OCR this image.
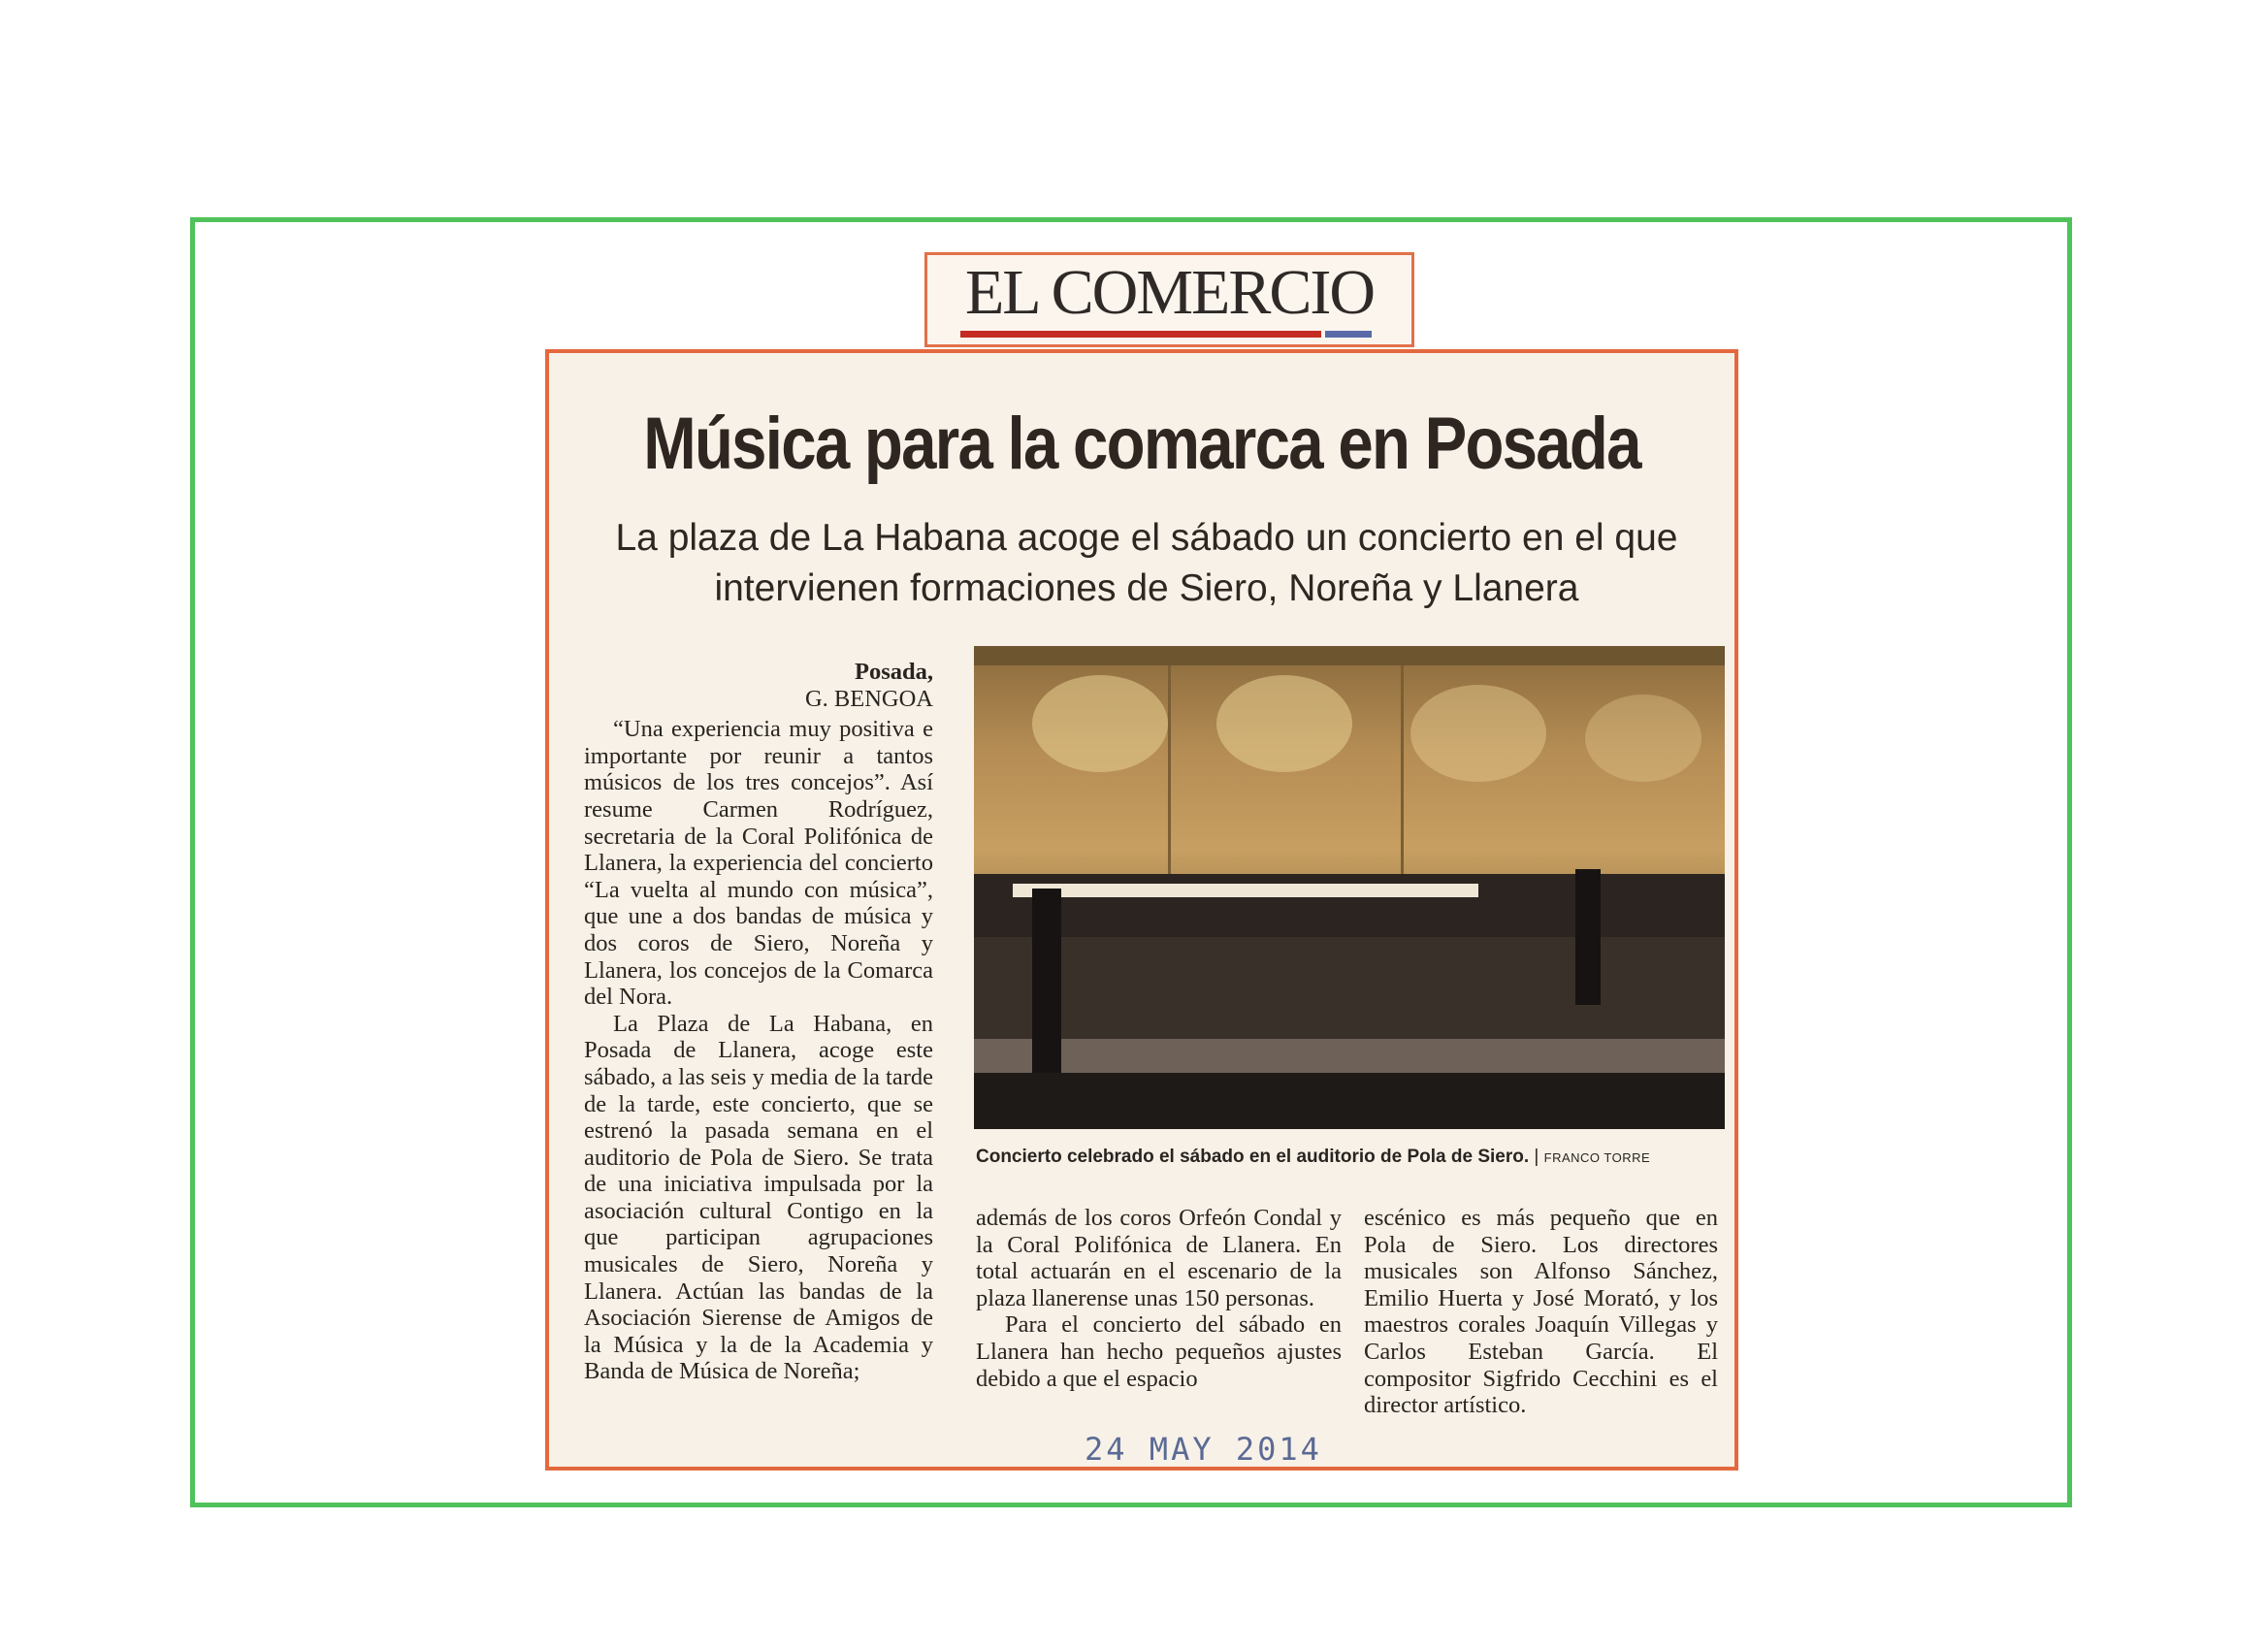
EL COMERCIO
Música para la comarca en Posada
La plaza de La Habana acoge el sábado un concierto en el que intervienen formaciones de Siero, Noreña y Llanera
Posada,
G. BENGOA

“Una experiencia muy positiva e importante por reunir a tantos músicos de los tres concejos”. Así resume Carmen Rodríguez, secretaria de la Coral Polifónica de Llanera, la experiencia del concierto “La vuelta al mundo con música”, que une a dos bandas de música y dos coros de Siero, Noreña y Llanera, los concejos de la Comarca del Nora.

La Plaza de La Habana, en Posada de Llanera, acoge este sábado, a las seis y media de la tarde de la tarde, este concierto, que se estrenó la pasada semana en el auditorio de Pola de Siero. Se trata de una iniciativa impulsada por la asociación cultural Contigo en la que participan agrupaciones musicales de Siero, Noreña y Llanera. Actúan las bandas de la Asociación Sierense de Amigos de la Música y la de la Academia y Banda de Música de Noreña;

Concierto celebrado el sábado en el auditorio de Pola de Siero. | FRANCO TORRE

además de los coros Orfeón Condal y la Coral Polifónica de Llanera. En total actuarán en el escenario de la plaza llanerense unas 150 personas.

Para el concierto del sábado en Llanera han hecho pequeños ajustes debido a que el espacio

escénico es más pequeño que en Pola de Siero. Los directores musicales son Alfonso Sánchez, Emilio Huerta y José Morató, y los maestros corales Joaquín Villegas y Carlos Esteban García. El compositor Sigfrido Cecchini es el director artístico.

24 MAY 2014
